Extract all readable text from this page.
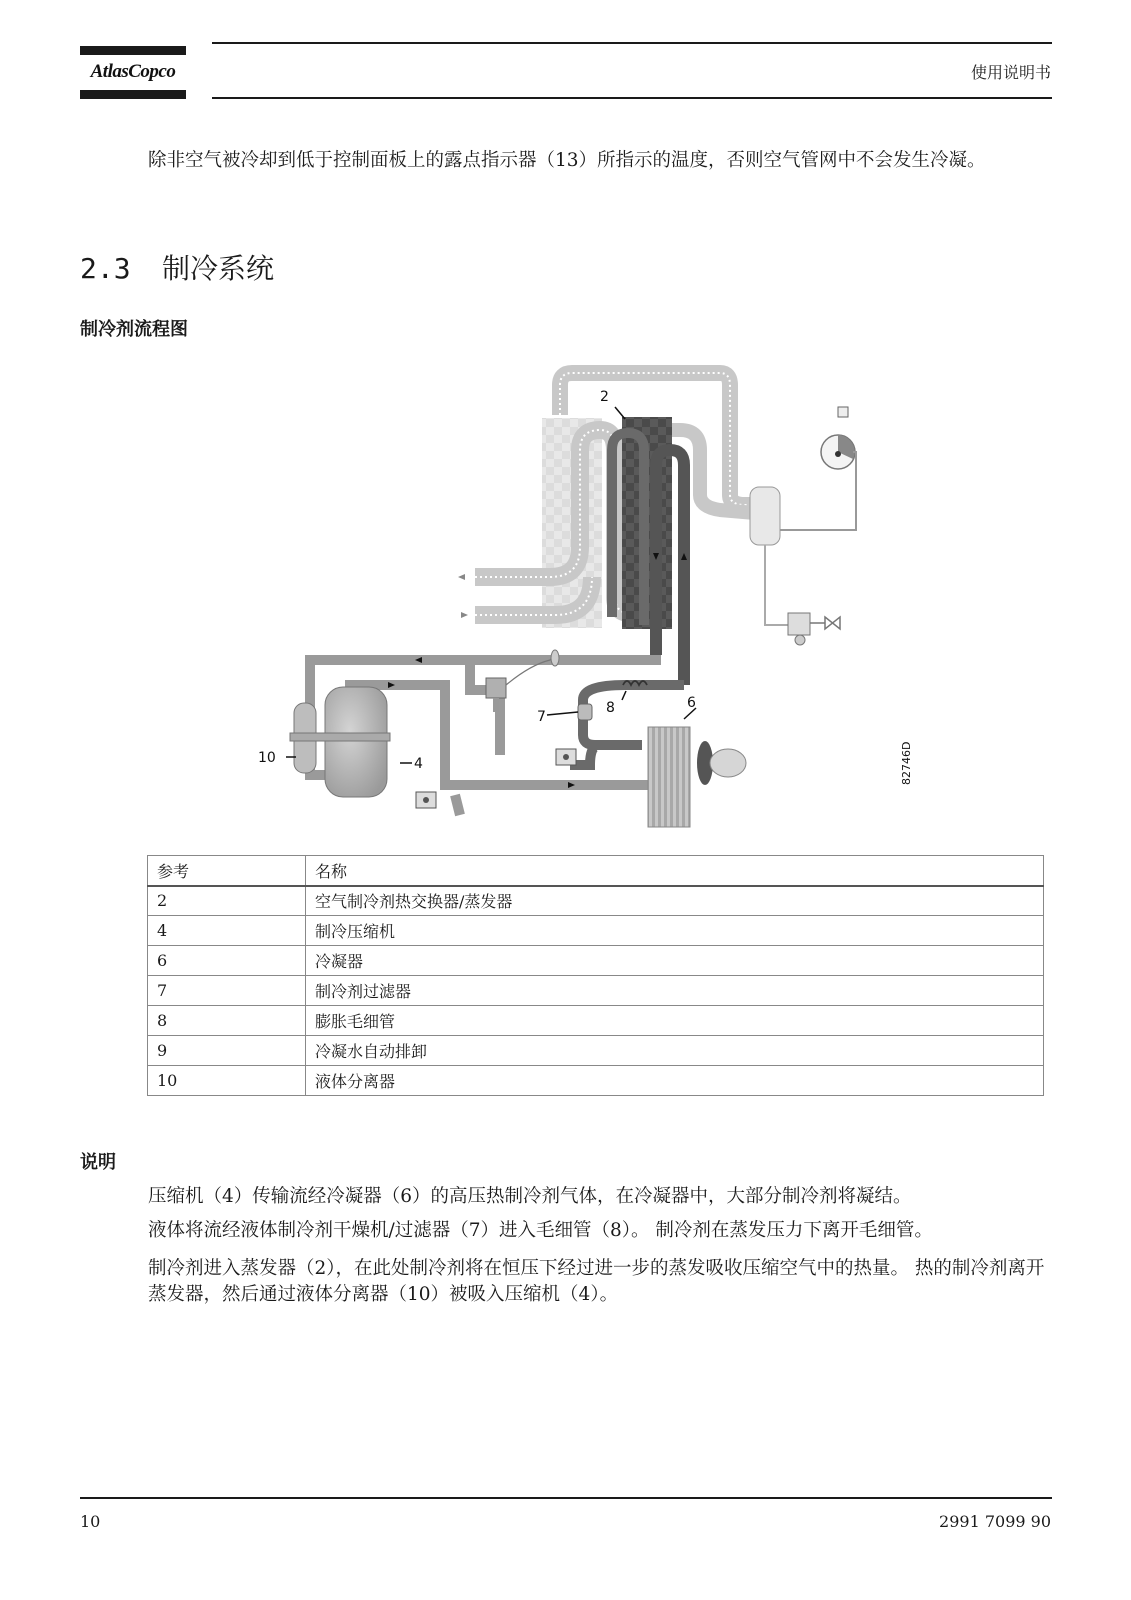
AtlasCopco	使用说明书
除非空气被冷却到低于控制面板上的露点指示器（13）所指示的温度，否则空气管网中不会发生冷凝。
2.3 制冷系统
制冷剂流程图
2
4
6
7
8
10	82746D
参考	名称
2	空气制冷剂热交换器/蒸发器
4	制冷压缩机
6	冷凝器
7	制冷剂过滤器
8	膨胀毛细管
9	冷凝水自动排卸
10	液体分离器
说明
压缩机（4）传输流经冷凝器（6）的高压热制冷剂气体，在冷凝器中，大部分制冷剂将凝结。
液体将流经液体制冷剂干燥机/过滤器（7）进入毛细管（8）。 制冷剂在蒸发压力下离开毛细管。
制冷剂进入蒸发器（2），在此处制冷剂将在恒压下经过进一步的蒸发吸收压缩空气中的热量。 热的制冷剂离开蒸发器，然后通过液体分离器（10）被吸入压缩机（4）。
10	2991 7099 90
